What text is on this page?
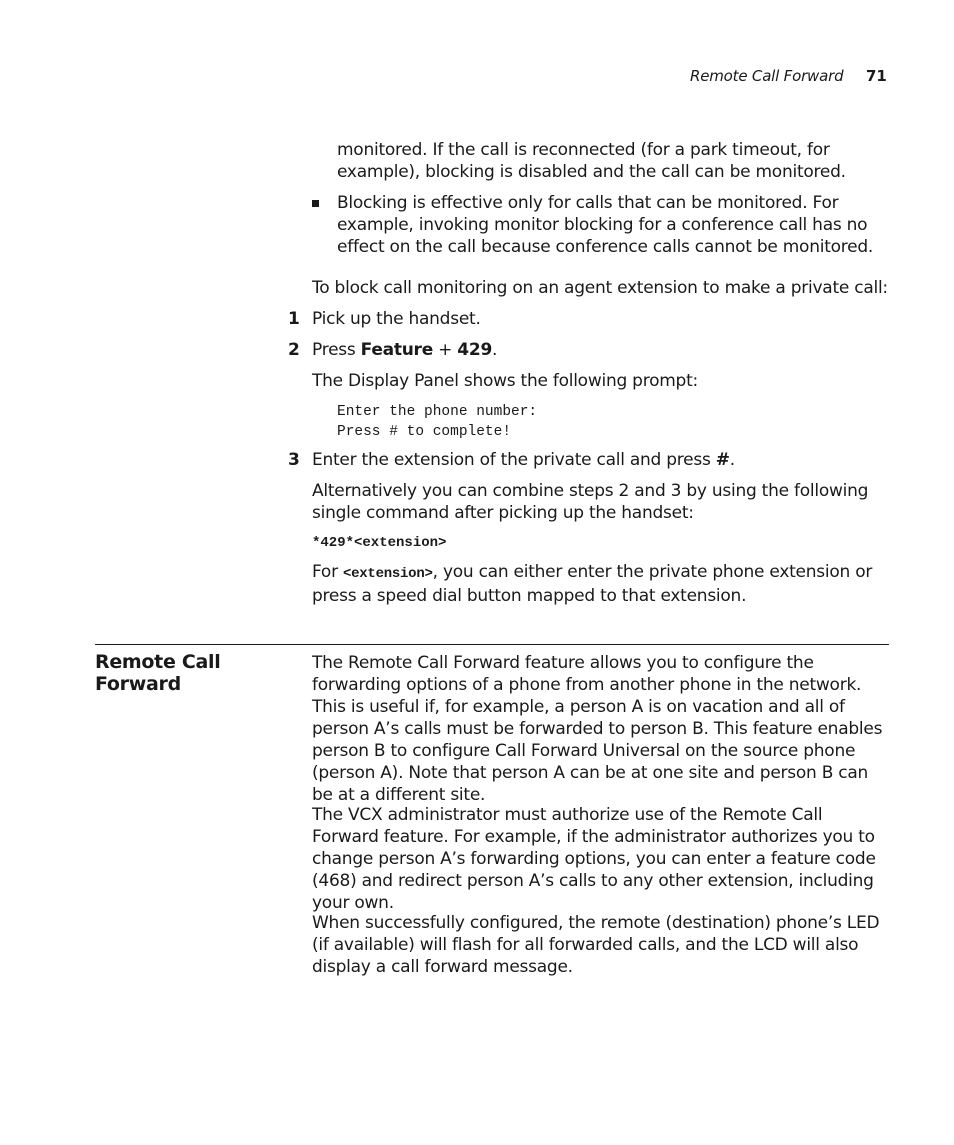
Remote Call Forward 71

monitored. If the call is reconnected (for a park timeout, for example), blocking is disabled and the call can be monitored.

Blocking is effective only for calls that can be monitored. For example, invoking monitor blocking for a conference call has no effect on the call because conference calls cannot be monitored.

To block call monitoring on an agent extension to make a private call:

1 Pick up the handset.

2 Press Feature + 429.

The Display Panel shows the following prompt:

Enter the phone number:
Press # to complete!
3 Enter the extension of the private call and press #.

Alternatively you can combine steps 2 and 3 by using the following single command after picking up the handset:

*429*<extension>

For <extension>, you can either enter the private phone extension or press a speed dial button mapped to that extension.

Remote Call Forward

The Remote Call Forward feature allows you to configure the forwarding options of a phone from another phone in the network. This is useful if, for example, a person A is on vacation and all of person A’s calls must be forwarded to person B. This feature enables person B to configure Call Forward Universal on the source phone (person A). Note that person A can be at one site and person B can be at a different site.

The VCX administrator must authorize use of the Remote Call Forward feature. For example, if the administrator authorizes you to change person A’s forwarding options, you can enter a feature code (468) and redirect person A’s calls to any other extension, including your own.

When successfully configured, the remote (destination) phone’s LED (if available) will flash for all forwarded calls, and the LCD will also display a call forward message.
